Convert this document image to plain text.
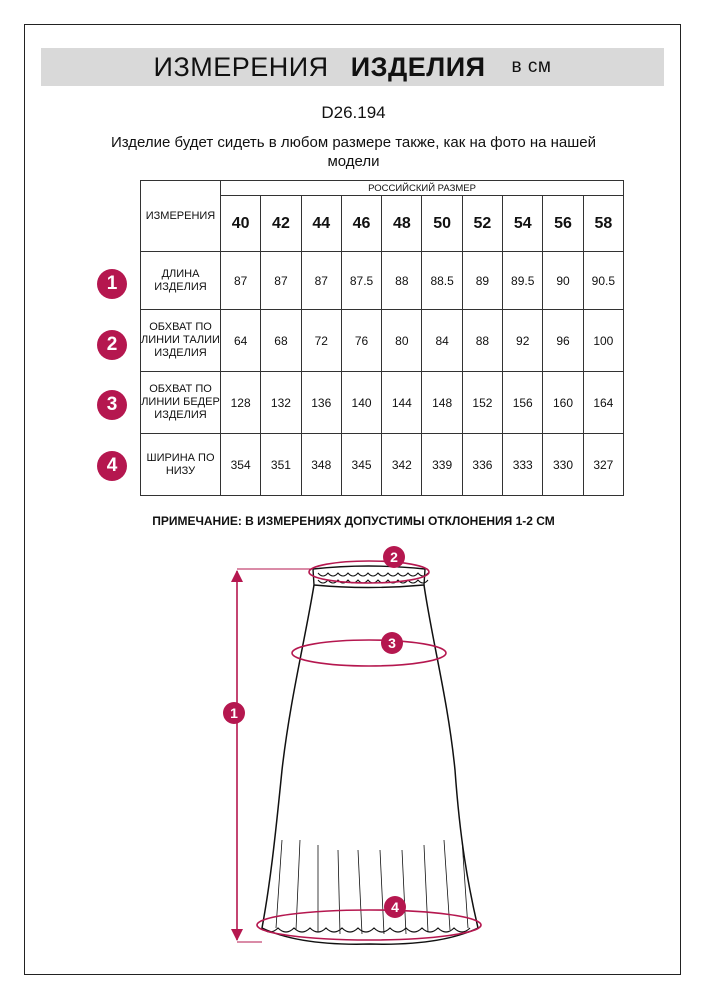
ИЗМЕРЕНИЯ ИЗДЕЛИЯ в см
D26.194
Изделие будет сидеть в любом размере также, как на фото на нашей модели
ИЗМЕРЕНИЯ	РОССИЙСКИЙ РАЗМЕР									
	40	42	44	46	48	50	52	54	56	58
ДЛИНА ИЗДЕЛИЯ	87	87	87	87.5	88	88.5	89	89.5	90	90.5
ОБХВАТ ПО ЛИНИИ ТАЛИИ ИЗДЕЛИЯ	64	68	72	76	80	84	88	92	96	100
ОБХВАТ ПО ЛИНИИ БЕДЕР ИЗДЕЛИЯ	128	132	136	140	144	148	152	156	160	164
ШИРИНА ПО НИЗУ	354	351	348	345	342	339	336	333	330	327
1
2
3
4
ПРИМЕЧАНИЕ: В ИЗМЕРЕНИЯХ ДОПУСТИМЫ ОТКЛОНЕНИЯ 1-2 СМ
1
2
3
4
